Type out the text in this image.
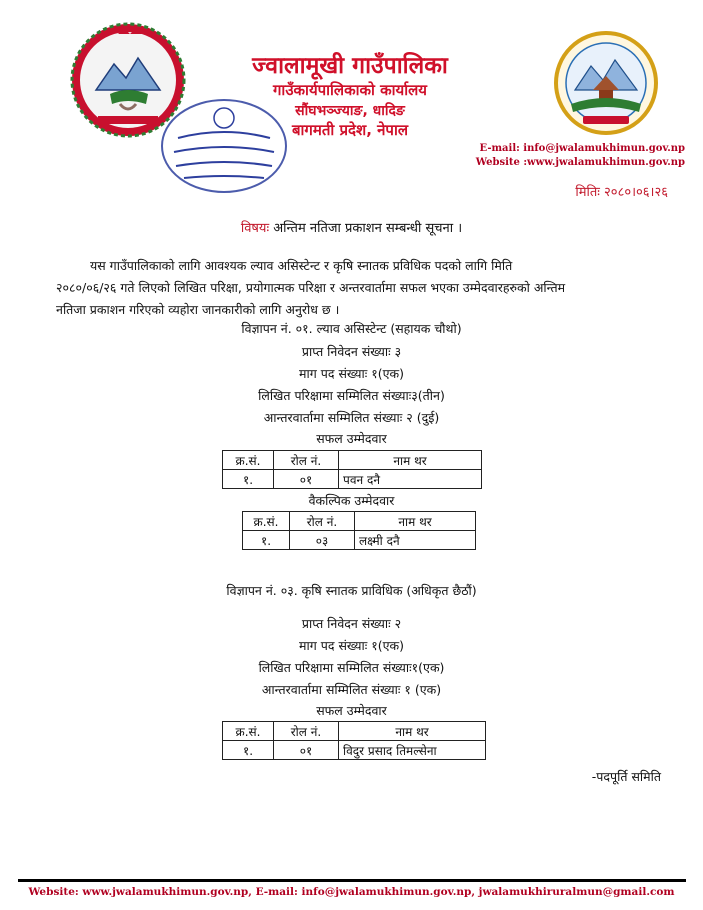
ज्वालामूखी गाउँपालिका
गाउँकार्यपालिकाको कार्यालय
सौंघभञ्ज्याङ, धादिङ
बागमती प्रदेश, नेपाल
E-mail: info@jwalamukhimun.gov.np
Website :www.jwalamukhimun.gov.np
मितिः २०८०।०६।२६
विषयः अन्तिम नतिजा प्रकाशन सम्बन्धी सूचना ।
यस गाउँपालिकाको लागि आवश्यक ल्याव असिस्टेन्ट र कृषि स्नातक प्रविधिक पदको लागि मिति
२०८०/०६/२६ गते लिएको लिखित परिक्षा, प्रयोगात्मक परिक्षा र अन्तरवार्तामा सफल भएका उम्मेदवारहरुको अन्तिम
नतिजा प्रकाशन गरिएको व्यहोरा जानकारीको लागि अनुरोध छ ।
विज्ञापन नं. ०१. ल्याव असिस्टेन्ट (सहायक चौथो)
प्राप्त निवेदन संख्याः ३
माग पद संख्याः १(एक)
लिखित परिक्षामा सम्मिलित संख्याः३(तीन)
आन्तरवार्तामा सम्मिलित संख्याः २ (दुई)
सफल उम्मेदवार
क्र.सं.	रोल नं.	नाम थर
१.	०१	पवन दनै
वैकल्पिक उम्मेदवार
क्र.सं.	रोल नं.	नाम थर
१.	०३	लक्ष्मी दनै
विज्ञापन नं. ०३. कृषि स्नातक प्राविधिक (अधिकृत छैठौं)
प्राप्त निवेदन संख्याः २
माग पद संख्याः १(एक)
लिखित परिक्षामा सम्मिलित संख्याः१(एक)
आन्तरवार्तामा सम्मिलित संख्याः १ (एक)
सफल उम्मेदवार
क्र.सं.	रोल नं.	नाम थर
१.	०१	विदुर प्रसाद तिमल्सेना
-पदपूर्ति समिति
Website: www.jwalamukhimun.gov.np, E-mail: info@jwalamukhimun.gov.np, jwalamukhiruralmun@gmail.com
